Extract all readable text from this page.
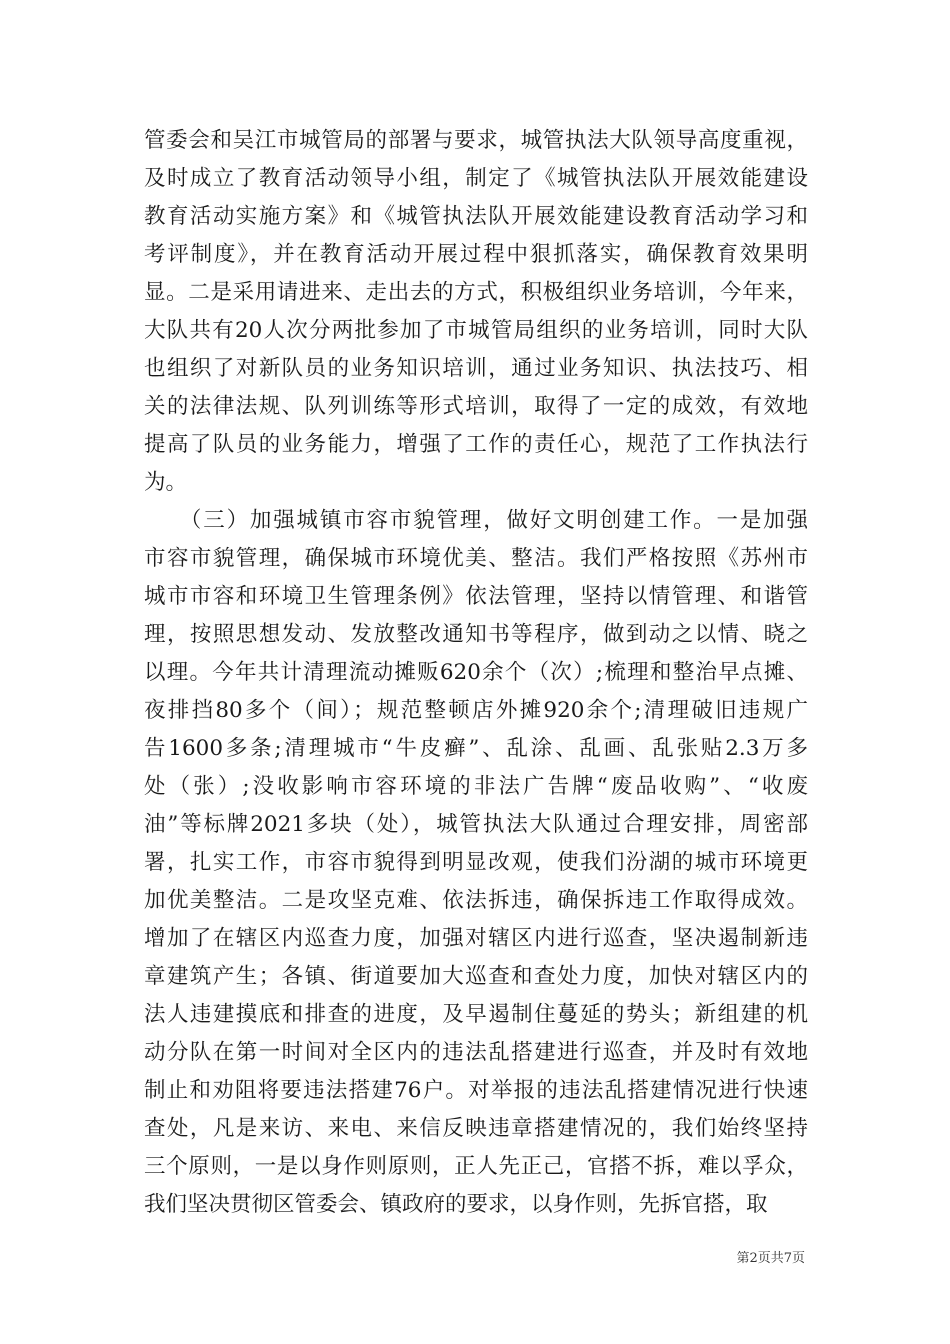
管委会和吴江市城管局的部署与要求，城管执法大队领导高度重视，
及时成立了教育活动领导小组，制定了《城管执法队开展效能建设
教育活动实施方案》和《城管执法队开展效能建设教育活动学习和
考评制度》，并在教育活动开展过程中狠抓落实，确保教育效果明
显。二是采用请进来、走出去的方式，积极组织业务培训，今年来，
大队共有20人次分两批参加了市城管局组织的业务培训，同时大队
也组织了对新队员的业务知识培训，通过业务知识、执法技巧、相
关的法律法规、队列训练等形式培训，取得了一定的成效，有效地
提高了队员的业务能力，增强了工作的责任心，规范了工作执法行
为。
　　（三）加强城镇市容市貌管理，做好文明创建工作。一是加强
市容市貌管理，确保城市环境优美、整洁。我们严格按照《苏州市
城市市容和环境卫生管理条例》依法管理，坚持以情管理、和谐管
理，按照思想发动、发放整改通知书等程序，做到动之以情、晓之
以理。今年共计清理流动摊贩620余个（次）;梳理和整治早点摊、
夜排挡80多个（间）；规范整顿店外摊920余个;清理破旧违规广
告1600多条;清理城市“牛皮癣”、乱涂、乱画、乱张贴2.3万多
处（张）;没收影响市容环境的非法广告牌“废品收购”、“收废
油”等标牌2021多块（处），城管执法大队通过合理安排，周密部
署，扎实工作，市容市貌得到明显改观，使我们汾湖的城市环境更
加优美整洁。二是攻坚克难、依法拆违，确保拆违工作取得成效。
增加了在辖区内巡查力度，加强对辖区内进行巡查，坚决遏制新违
章建筑产生；各镇、街道要加大巡查和查处力度，加快对辖区内的
法人违建摸底和排查的进度，及早遏制住蔓延的势头；新组建的机
动分队在第一时间对全区内的违法乱搭建进行巡查，并及时有效地
制止和劝阻将要违法搭建76户。对举报的违法乱搭建情况进行快速
查处，凡是来访、来电、来信反映违章搭建情况的，我们始终坚持
三个原则，一是以身作则原则，正人先正己，官搭不拆，难以孚众，
我们坚决贯彻区管委会、镇政府的要求，以身作则，先拆官搭，取
第2页共7页
